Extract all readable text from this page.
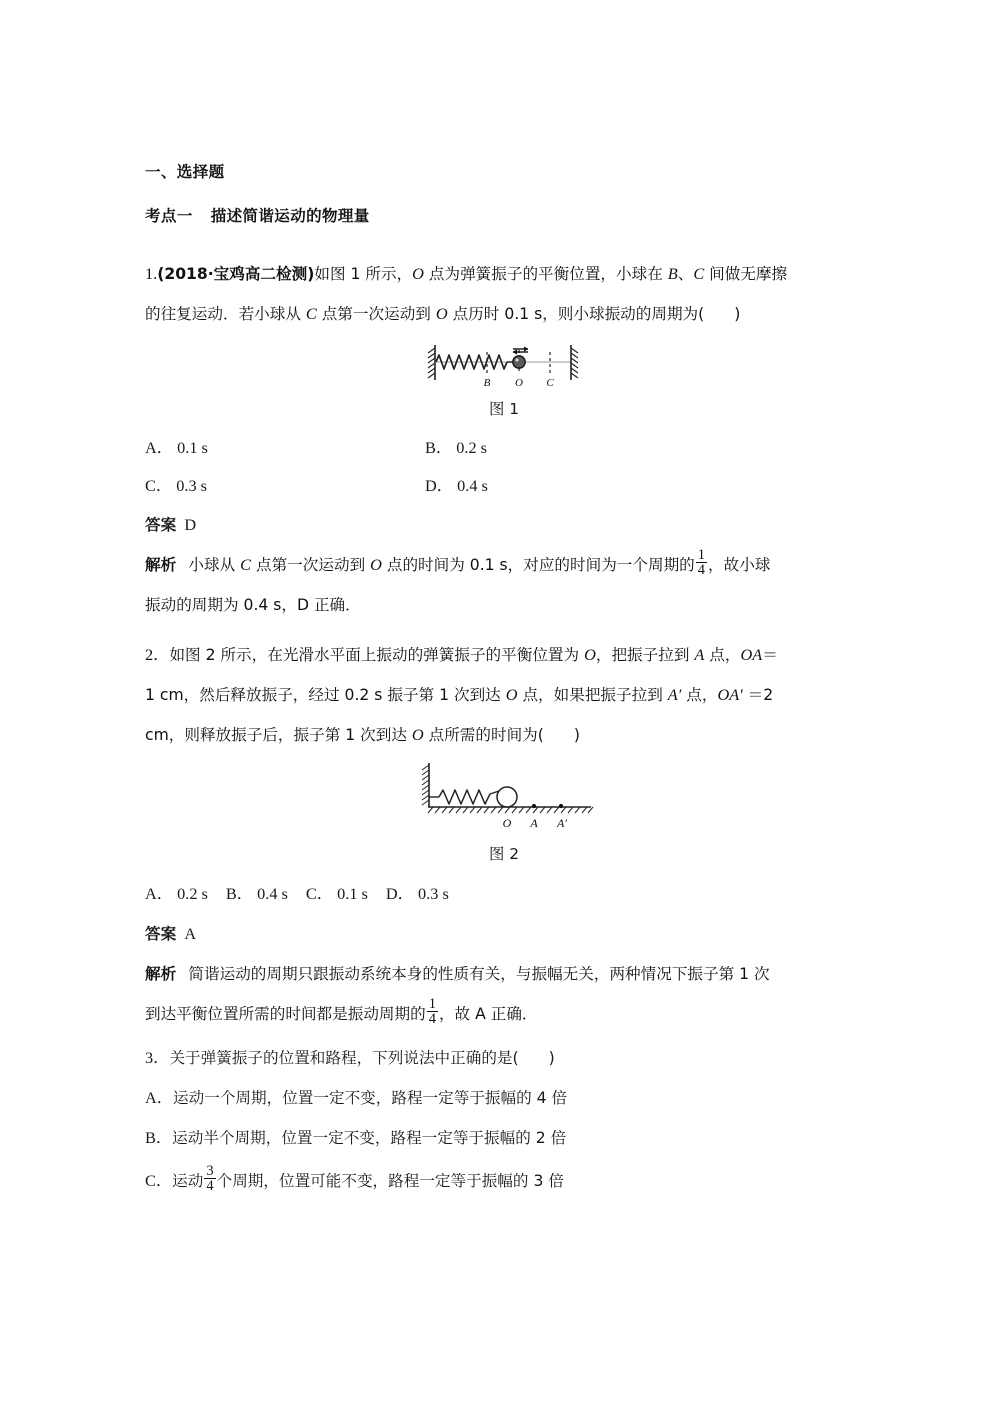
一、选择题
考点一 描述简谐运动的物理量
1.(2018·宝鸡高二检测)如图 1 所示，O 点为弹簧振子的平衡位置，小球在 B、C 间做无摩擦
的往复运动．若小球从 C 点第一次运动到 O 点历时 0.1 s，则小球振动的周期为( )
B O C
图 1
A． 0.1 s	B． 0.2 s
C． 0.3 s	D． 0.4 s
答案 D
解析 小球从 C 点第一次运动到 O 点的时间为 0.1 s，对应的时间为一个周期的 $\frac{1}{4}$ ，故小球
振动的周期为 0.4 s，D 正确．
2．如图 2 所示，在光滑水平面上振动的弹簧振子的平衡位置为 O，把振子拉到 A 点，OA＝
1 cm，然后释放振子，经过 0.2 s 振子第 1 次到达 O 点，如果把振子拉到 A′ 点，OA′ ＝2
cm，则释放振子后，振子第 1 次到达 O 点所需的时间为( )
O A A′
图 2
A． 0.2 s B． 0.4 s C． 0.1 s D． 0.3 s
答案 A
解析 简谐运动的周期只跟振动系统本身的性质有关，与振幅无关，两种情况下振子第 1 次
到达平衡位置所需的时间都是振动周期的 $\frac{1}{4}$ ，故 A 正确．
3．关于弹簧振子的位置和路程，下列说法中正确的是( )
A．运动一个周期，位置一定不变，路程一定等于振幅的 4 倍
B．运动半个周期，位置一定不变，路程一定等于振幅的 2 倍
C．运动 $\frac{3}{4}$ 个周期，位置可能不变，路程一定等于振幅的 3 倍
